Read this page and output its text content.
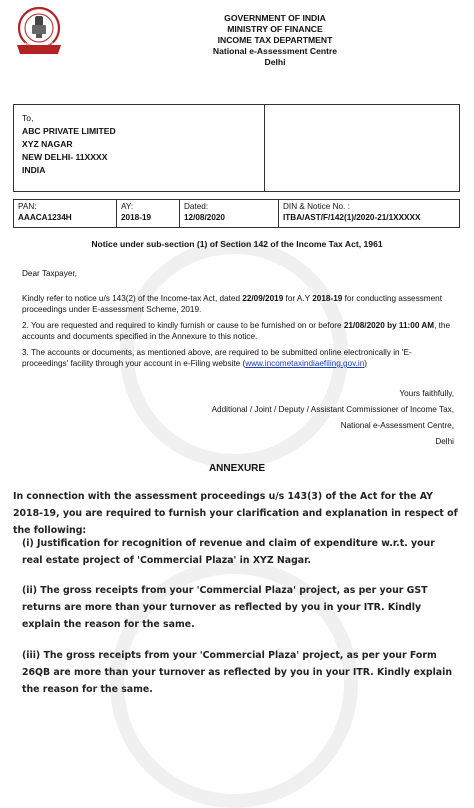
INCOME TAX DEPARTMENT
GOVERNMENT OF INDIA
MINISTRY OF FINANCE
INCOME TAX DEPARTMENT
National e-Assessment Centre
Delhi
To,
ABC PRIVATE LIMITED
XYZ NAGAR
NEW DELHI- 11XXXX
INDIA
PAN:
AAACA1234H
AY:
2018-19
Dated:
12/08/2020
DIN & Notice No. :
ITBA/AST/F/142(1)/2020-21/1XXXXX
Notice under sub-section (1) of Section 142 of the Income Tax Act, 1961
Dear Taxpayer,
Kindly refer to notice u/s 143(2) of the Income-tax Act, dated 22/09/2019 for A.Y 2018-19 for conducting assessment proceedings under E-assessment Scheme, 2019.
2. You are requested and required to kindly furnish or cause to be furnished on or before 21/08/2020 by 11:00 AM, the accounts and documents specified in the Annexure to this notice.
3. The accounts or documents, as mentioned above, are required to be submitted online electronically in 'E-proceedings' facility through your account in e-Filing website (www.incometaxindiaefiling.gov.in)
Yours faithfully,
Additional / Joint / Deputy / Assistant Commissioner of Income Tax,
National e-Assessment Centre,
Delhi
ANNEXURE
In connection with the assessment proceedings u/s 143(3) of the Act for the AY 2018-19, you are required to furnish your clarification and explanation in respect of the following:
(i) Justification for recognition of revenue and claim of expenditure w.r.t. your real estate project of 'Commercial Plaza' in XYZ Nagar.
(ii) The gross receipts from your 'Commercial Plaza' project, as per your GST returns are more than your turnover as reflected by you in your ITR. Kindly explain the reason for the same.
(iii) The gross receipts from your 'Commercial Plaza' project, as per your Form 26QB are more than your turnover as reflected by you in your ITR. Kindly explain the reason for the same.
